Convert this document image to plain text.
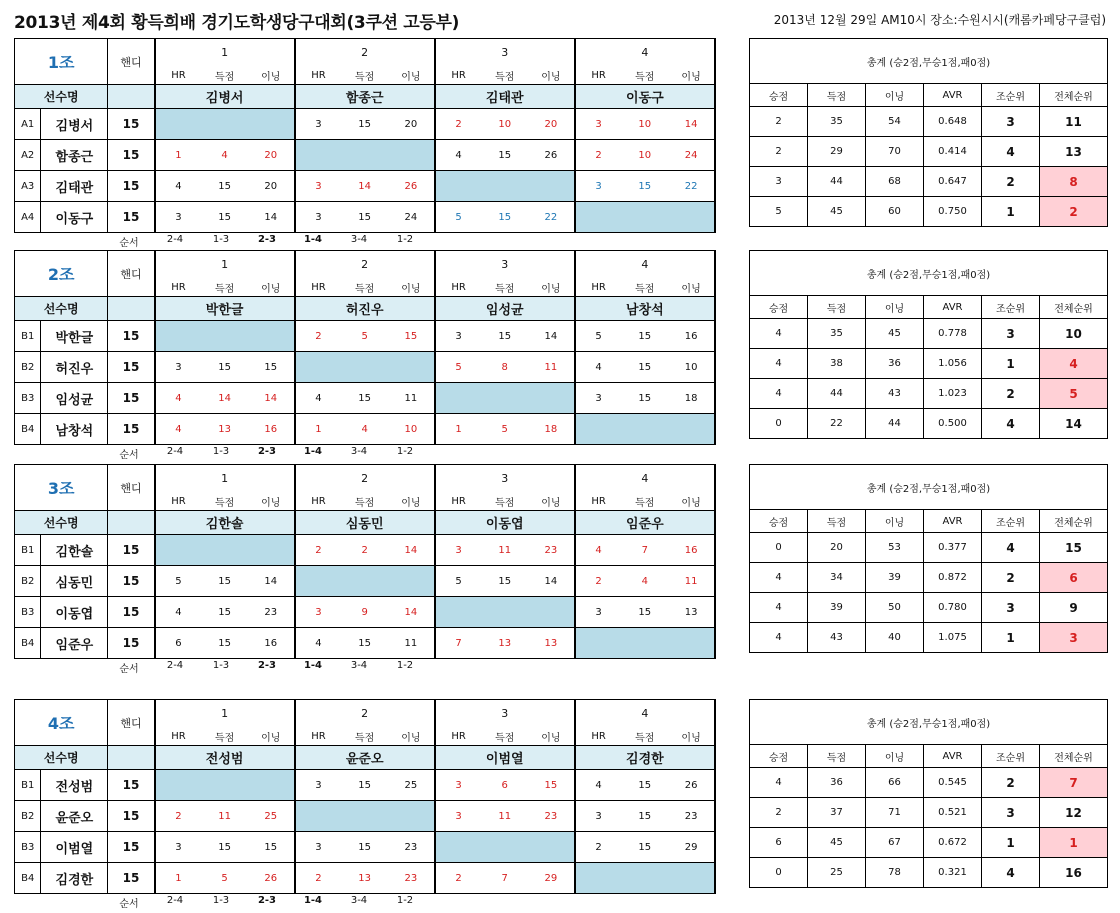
2013년 제4회 황득희배 경기도학생당구대회(3쿠션 고등부)	2013년 12월 29일 AM10시 장소:수원시시(캐롬카페당구클럽)
1조		핸디	1			2			3			4		
			HR	득점	이닝	HR	득점	이닝	HR	득점	이닝	HR	득점	이닝
선수명			김병서			함종근			김태관			이동구		
A1	김병서	15				3	15	20	2	10	20	3	10	14
A2	함종근	15	1	4	20				4	15	26	2	10	24
A3	김태관	15	4	15	20	3	14	26				3	15	22
A4	이동구	15	3	15	14	3	15	24	5	15	22			
순서	2-4	1-3	2-3	1-4	3-4	1-2
총계 (승2점,무승1점,패0점)					
승점	득점	이닝	AVR	조순위	전체순위
2	35	54	0.648	3	11
2	29	70	0.414	4	13
3	44	68	0.647	2	8
5	45	60	0.750	1	2
2조		핸디	1			2			3			4		
			HR	득점	이닝	HR	득점	이닝	HR	득점	이닝	HR	득점	이닝
선수명			박한글			허진우			임성균			남창석		
B1	박한글	15				2	5	15	3	15	14	5	15	16
B2	허진우	15	3	15	15				5	8	11	4	15	10
B3	임성균	15	4	14	14	4	15	11				3	15	18
B4	남창석	15	4	13	16	1	4	10	1	5	18			
순서	2-4	1-3	2-3	1-4	3-4	1-2
총계 (승2점,무승1점,패0점)					
승점	득점	이닝	AVR	조순위	전체순위
4	35	45	0.778	3	10
4	38	36	1.056	1	4
4	44	43	1.023	2	5
0	22	44	0.500	4	14
3조		핸디	1			2			3			4		
			HR	득점	이닝	HR	득점	이닝	HR	득점	이닝	HR	득점	이닝
선수명			김한솔			심동민			이동엽			임준우		
B1	김한솔	15				2	2	14	3	11	23	4	7	16
B2	심동민	15	5	15	14				5	15	14	2	4	11
B3	이동엽	15	4	15	23	3	9	14				3	15	13
B4	임준우	15	6	15	16	4	15	11	7	13	13			
순서	2-4	1-3	2-3	1-4	3-4	1-2
총계 (승2점,무승1점,패0점)					
승점	득점	이닝	AVR	조순위	전체순위
0	20	53	0.377	4	15
4	34	39	0.872	2	6
4	39	50	0.780	3	9
4	43	40	1.075	1	3
4조		핸디	1			2			3			4		
			HR	득점	이닝	HR	득점	이닝	HR	득점	이닝	HR	득점	이닝
선수명			전성범			윤준오			이범열			김경한		
B1	전성범	15				3	15	25	3	6	15	4	15	26
B2	윤준오	15	2	11	25				3	11	23	3	15	23
B3	이범열	15	3	15	15	3	15	23				2	15	29
B4	김경한	15	1	5	26	2	13	23	2	7	29			
순서	2-4	1-3	2-3	1-4	3-4	1-2
총계 (승2점,무승1점,패0점)					
승점	득점	이닝	AVR	조순위	전체순위
4	36	66	0.545	2	7
2	37	71	0.521	3	12
6	45	67	0.672	1	1
0	25	78	0.321	4	16
